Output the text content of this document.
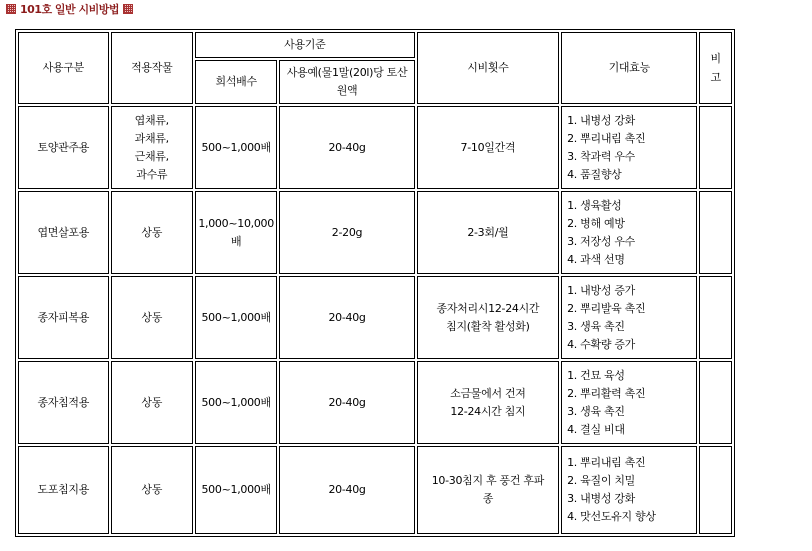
101호 일반 시비방법
사용구분	적용작물	사용기준		시비횟수	기대효능	비
고

		희석배수	사용예(물1말(20l)당 토산원액			
토양관주용	엽채류,
과채류,
근채류,
과수류	500~1,000배	20-40g	7-10일간격	1. 내병성 강화
2. 뿌리내림 촉진
3. 착과력 우수
4. 품질향상	

엽면살포용	상동	1,000~10,000
배	2-20g	2-3회/월	1. 생육활성
2. 병해 예방
3. 저장성 우수
4. 과색 선명	

종자피복용	상동	500~1,000배	20-40g	종자처리시12-24시간
침지(활착 활성화)	1. 내방성 증가
2. 뿌리발육 촉진
3. 생육 촉진
4. 수확량 증가	

종자침적용	상동	500~1,000배	20-40g	소금물에서 건져
12-24시간 침지	1. 건묘 육성
2. 뿌리활력 촉진
3. 생육 촉진
4. 결실 비대	

도포침지용	상동	500~1,000배	20-40g	10-30침지 후 풍건 후파
종	1. 뿌리내림 촉진
2. 육질이 치밀
3. 내병성 강화
4. 맛선도유지 향상	
